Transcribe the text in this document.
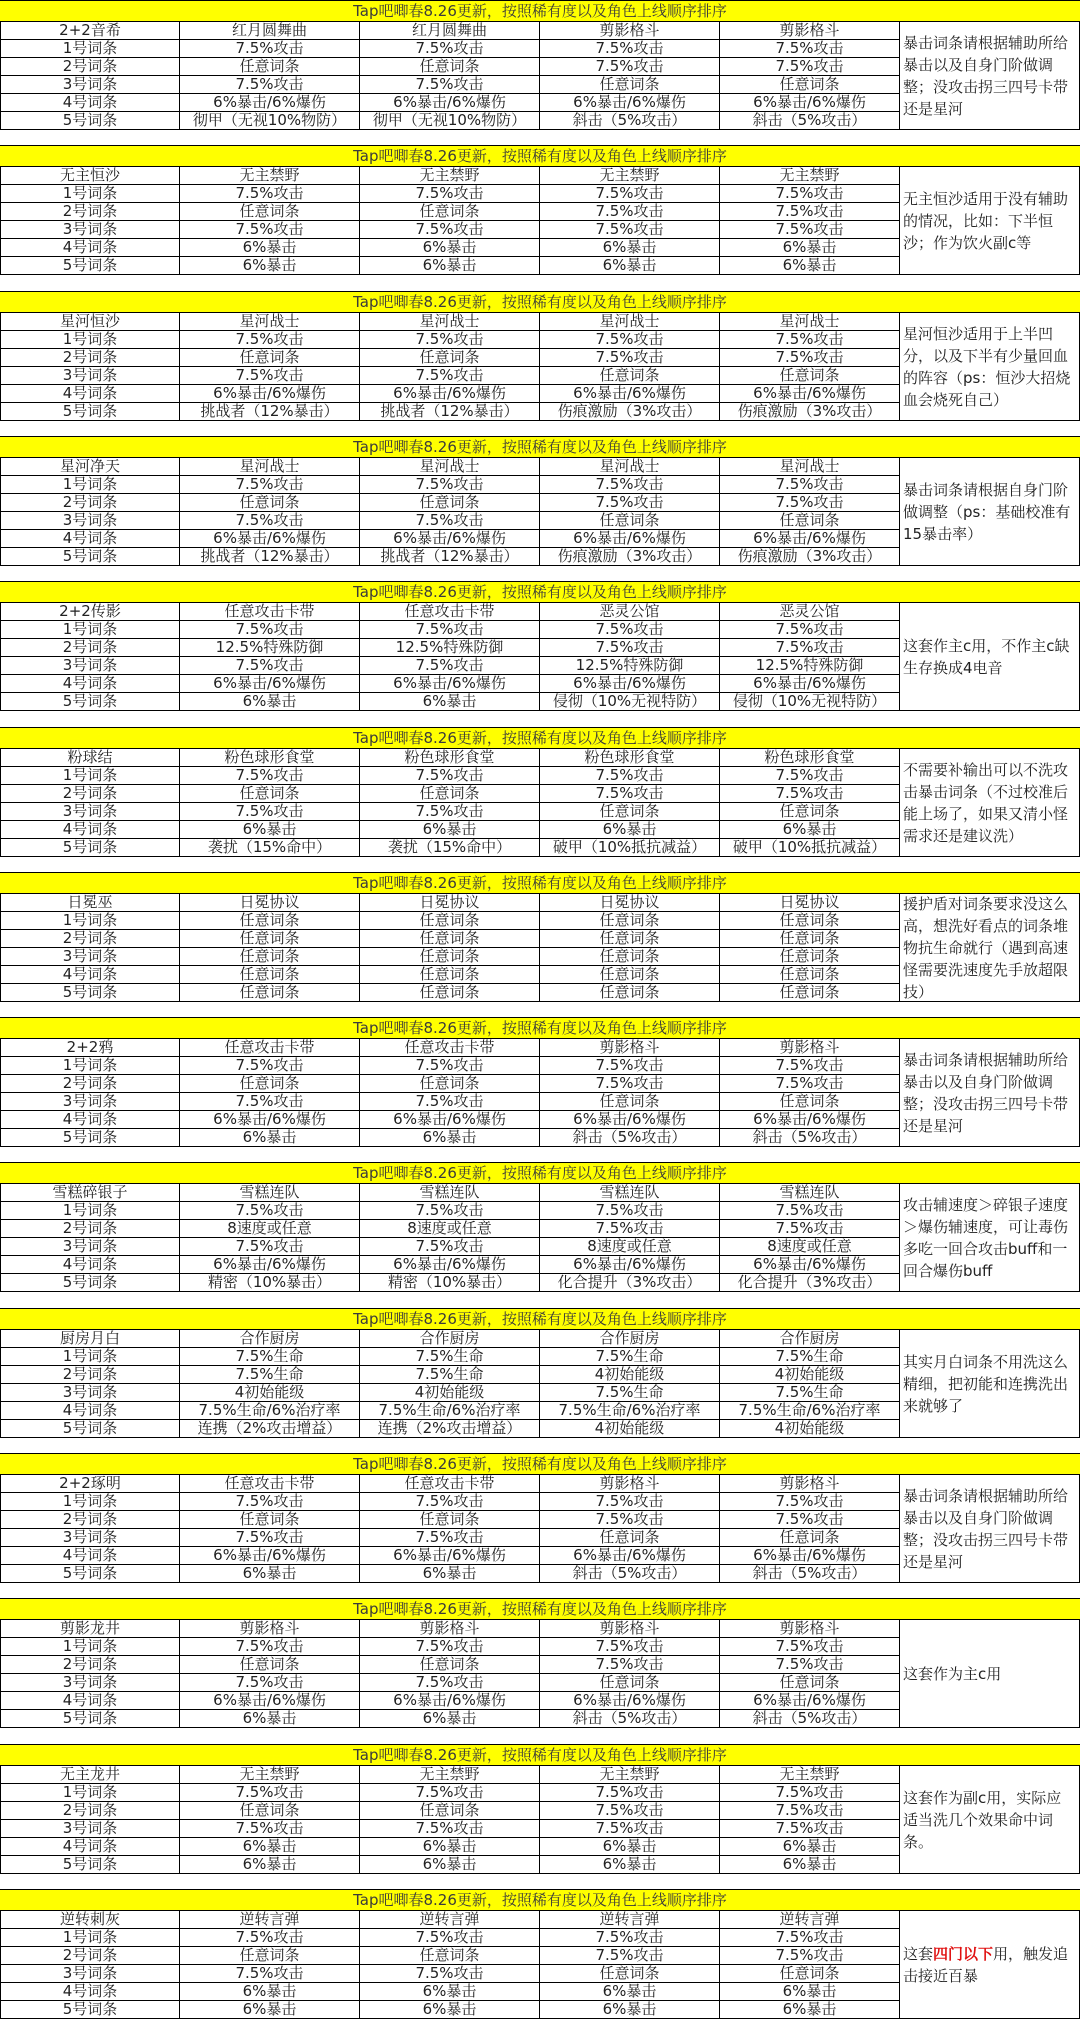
Tap吧唧春8.26更新，按照稀有度以及角色上线顺序排序
2+2音希	红月圆舞曲	红月圆舞曲	剪影格斗	剪影格斗
1号词条	7.5%攻击	7.5%攻击	7.5%攻击	7.5%攻击
2号词条	任意词条	任意词条	7.5%攻击	7.5%攻击
3号词条	7.5%攻击	7.5%攻击	任意词条	任意词条
4号词条	6%暴击/6%爆伤	6%暴击/6%爆伤	6%暴击/6%爆伤	6%暴击/6%爆伤
5号词条	彻甲（无视10%物防）	彻甲（无视10%物防）	斜击（5%攻击）	斜击（5%攻击）
暴击词条请根据辅助所给暴击以及自身门阶做调整；没攻击拐三四号卡带还是星河
Tap吧唧春8.26更新，按照稀有度以及角色上线顺序排序
无主恒沙	无主禁野	无主禁野	无主禁野	无主禁野
1号词条	7.5%攻击	7.5%攻击	7.5%攻击	7.5%攻击
2号词条	任意词条	任意词条	7.5%攻击	7.5%攻击
3号词条	7.5%攻击	7.5%攻击	7.5%攻击	7.5%攻击
4号词条	6%暴击	6%暴击	6%暴击	6%暴击
5号词条	6%暴击	6%暴击	6%暴击	6%暴击
无主恒沙适用于没有辅助的情况，比如：下半恒沙；作为饮火副c等
Tap吧唧春8.26更新，按照稀有度以及角色上线顺序排序
星河恒沙	星河战士	星河战士	星河战士	星河战士
1号词条	7.5%攻击	7.5%攻击	7.5%攻击	7.5%攻击
2号词条	任意词条	任意词条	7.5%攻击	7.5%攻击
3号词条	7.5%攻击	7.5%攻击	任意词条	任意词条
4号词条	6%暴击/6%爆伤	6%暴击/6%爆伤	6%暴击/6%爆伤	6%暴击/6%爆伤
5号词条	挑战者（12%暴击）	挑战者（12%暴击）	伤痕激励（3%攻击）	伤痕激励（3%攻击）
星河恒沙适用于上半凹分，以及下半有少量回血的阵容（ps：恒沙大招烧血会烧死自己）
Tap吧唧春8.26更新，按照稀有度以及角色上线顺序排序
星河净天	星河战士	星河战士	星河战士	星河战士
1号词条	7.5%攻击	7.5%攻击	7.5%攻击	7.5%攻击
2号词条	任意词条	任意词条	7.5%攻击	7.5%攻击
3号词条	7.5%攻击	7.5%攻击	任意词条	任意词条
4号词条	6%暴击/6%爆伤	6%暴击/6%爆伤	6%暴击/6%爆伤	6%暴击/6%爆伤
5号词条	挑战者（12%暴击）	挑战者（12%暴击）	伤痕激励（3%攻击）	伤痕激励（3%攻击）
暴击词条请根据自身门阶做调整（ps：基础校准有15暴击率）
Tap吧唧春8.26更新，按照稀有度以及角色上线顺序排序
2+2传影	任意攻击卡带	任意攻击卡带	恶灵公馆	恶灵公馆
1号词条	7.5%攻击	7.5%攻击	7.5%攻击	7.5%攻击
2号词条	12.5%特殊防御	12.5%特殊防御	7.5%攻击	7.5%攻击
3号词条	7.5%攻击	7.5%攻击	12.5%特殊防御	12.5%特殊防御
4号词条	6%暴击/6%爆伤	6%暴击/6%爆伤	6%暴击/6%爆伤	6%暴击/6%爆伤
5号词条	6%暴击	6%暴击	侵彻（10%无视特防）	侵彻（10%无视特防）
这套作主c用，不作主c缺生存换成4电音
Tap吧唧春8.26更新，按照稀有度以及角色上线顺序排序
粉球结	粉色球形食堂	粉色球形食堂	粉色球形食堂	粉色球形食堂
1号词条	7.5%攻击	7.5%攻击	7.5%攻击	7.5%攻击
2号词条	任意词条	任意词条	7.5%攻击	7.5%攻击
3号词条	7.5%攻击	7.5%攻击	任意词条	任意词条
4号词条	6%暴击	6%暴击	6%暴击	6%暴击
5号词条	袭扰（15%命中）	袭扰（15%命中）	破甲（10%抵抗减益）	破甲（10%抵抗减益）
不需要补输出可以不洗攻击暴击词条（不过校准后能上场了，如果又清小怪需求还是建议洗）
Tap吧唧春8.26更新，按照稀有度以及角色上线顺序排序
日冕巫	日冕协议	日冕协议	日冕协议	日冕协议
1号词条	任意词条	任意词条	任意词条	任意词条
2号词条	任意词条	任意词条	任意词条	任意词条
3号词条	任意词条	任意词条	任意词条	任意词条
4号词条	任意词条	任意词条	任意词条	任意词条
5号词条	任意词条	任意词条	任意词条	任意词条
援护盾对词条要求没这么高，想洗好看点的词条堆物抗生命就行（遇到高速怪需要洗速度先手放超限技）
Tap吧唧春8.26更新，按照稀有度以及角色上线顺序排序
2+2鸦	任意攻击卡带	任意攻击卡带	剪影格斗	剪影格斗
1号词条	7.5%攻击	7.5%攻击	7.5%攻击	7.5%攻击
2号词条	任意词条	任意词条	7.5%攻击	7.5%攻击
3号词条	7.5%攻击	7.5%攻击	任意词条	任意词条
4号词条	6%暴击/6%爆伤	6%暴击/6%爆伤	6%暴击/6%爆伤	6%暴击/6%爆伤
5号词条	6%暴击	6%暴击	斜击（5%攻击）	斜击（5%攻击）
暴击词条请根据辅助所给暴击以及自身门阶做调整；没攻击拐三四号卡带还是星河
Tap吧唧春8.26更新，按照稀有度以及角色上线顺序排序
雪糕碎银子	雪糕连队	雪糕连队	雪糕连队	雪糕连队
1号词条	7.5%攻击	7.5%攻击	7.5%攻击	7.5%攻击
2号词条	8速度或任意	8速度或任意	7.5%攻击	7.5%攻击
3号词条	7.5%攻击	7.5%攻击	8速度或任意	8速度或任意
4号词条	6%暴击/6%爆伤	6%暴击/6%爆伤	6%暴击/6%爆伤	6%暴击/6%爆伤
5号词条	精密（10%暴击）	精密（10%暴击）	化合提升（3%攻击）	化合提升（3%攻击）
攻击辅速度＞碎银子速度＞爆伤辅速度，可让毒伤多吃一回合攻击buff和一回合爆伤buff
Tap吧唧春8.26更新，按照稀有度以及角色上线顺序排序
厨房月白	合作厨房	合作厨房	合作厨房	合作厨房
1号词条	7.5%生命	7.5%生命	7.5%生命	7.5%生命
2号词条	7.5%生命	7.5%生命	4初始能级	4初始能级
3号词条	4初始能级	4初始能级	7.5%生命	7.5%生命
4号词条	7.5%生命/6%治疗率	7.5%生命/6%治疗率	7.5%生命/6%治疗率	7.5%生命/6%治疗率
5号词条	连携（2%攻击增益）	连携（2%攻击增益）	4初始能级	4初始能级
其实月白词条不用洗这么精细，把初能和连携洗出来就够了
Tap吧唧春8.26更新，按照稀有度以及角色上线顺序排序
2+2琢明	任意攻击卡带	任意攻击卡带	剪影格斗	剪影格斗
1号词条	7.5%攻击	7.5%攻击	7.5%攻击	7.5%攻击
2号词条	任意词条	任意词条	7.5%攻击	7.5%攻击
3号词条	7.5%攻击	7.5%攻击	任意词条	任意词条
4号词条	6%暴击/6%爆伤	6%暴击/6%爆伤	6%暴击/6%爆伤	6%暴击/6%爆伤
5号词条	6%暴击	6%暴击	斜击（5%攻击）	斜击（5%攻击）
暴击词条请根据辅助所给暴击以及自身门阶做调整；没攻击拐三四号卡带还是星河
Tap吧唧春8.26更新，按照稀有度以及角色上线顺序排序
剪影龙井	剪影格斗	剪影格斗	剪影格斗	剪影格斗
1号词条	7.5%攻击	7.5%攻击	7.5%攻击	7.5%攻击
2号词条	任意词条	任意词条	7.5%攻击	7.5%攻击
3号词条	7.5%攻击	7.5%攻击	任意词条	任意词条
4号词条	6%暴击/6%爆伤	6%暴击/6%爆伤	6%暴击/6%爆伤	6%暴击/6%爆伤
5号词条	6%暴击	6%暴击	斜击（5%攻击）	斜击（5%攻击）
这套作为主c用
Tap吧唧春8.26更新，按照稀有度以及角色上线顺序排序
无主龙井	无主禁野	无主禁野	无主禁野	无主禁野
1号词条	7.5%攻击	7.5%攻击	7.5%攻击	7.5%攻击
2号词条	任意词条	任意词条	7.5%攻击	7.5%攻击
3号词条	7.5%攻击	7.5%攻击	7.5%攻击	7.5%攻击
4号词条	6%暴击	6%暴击	6%暴击	6%暴击
5号词条	6%暴击	6%暴击	6%暴击	6%暴击
这套作为副c用，实际应适当洗几个效果命中词条。
Tap吧唧春8.26更新，按照稀有度以及角色上线顺序排序
逆转刺灰	逆转言弹	逆转言弹	逆转言弹	逆转言弹
1号词条	7.5%攻击	7.5%攻击	7.5%攻击	7.5%攻击
2号词条	任意词条	任意词条	7.5%攻击	7.5%攻击
3号词条	7.5%攻击	7.5%攻击	任意词条	任意词条
4号词条	6%暴击	6%暴击	6%暴击	6%暴击
5号词条	6%暴击	6%暴击	6%暴击	6%暴击
这套四门以下用，触发追击接近百暴
